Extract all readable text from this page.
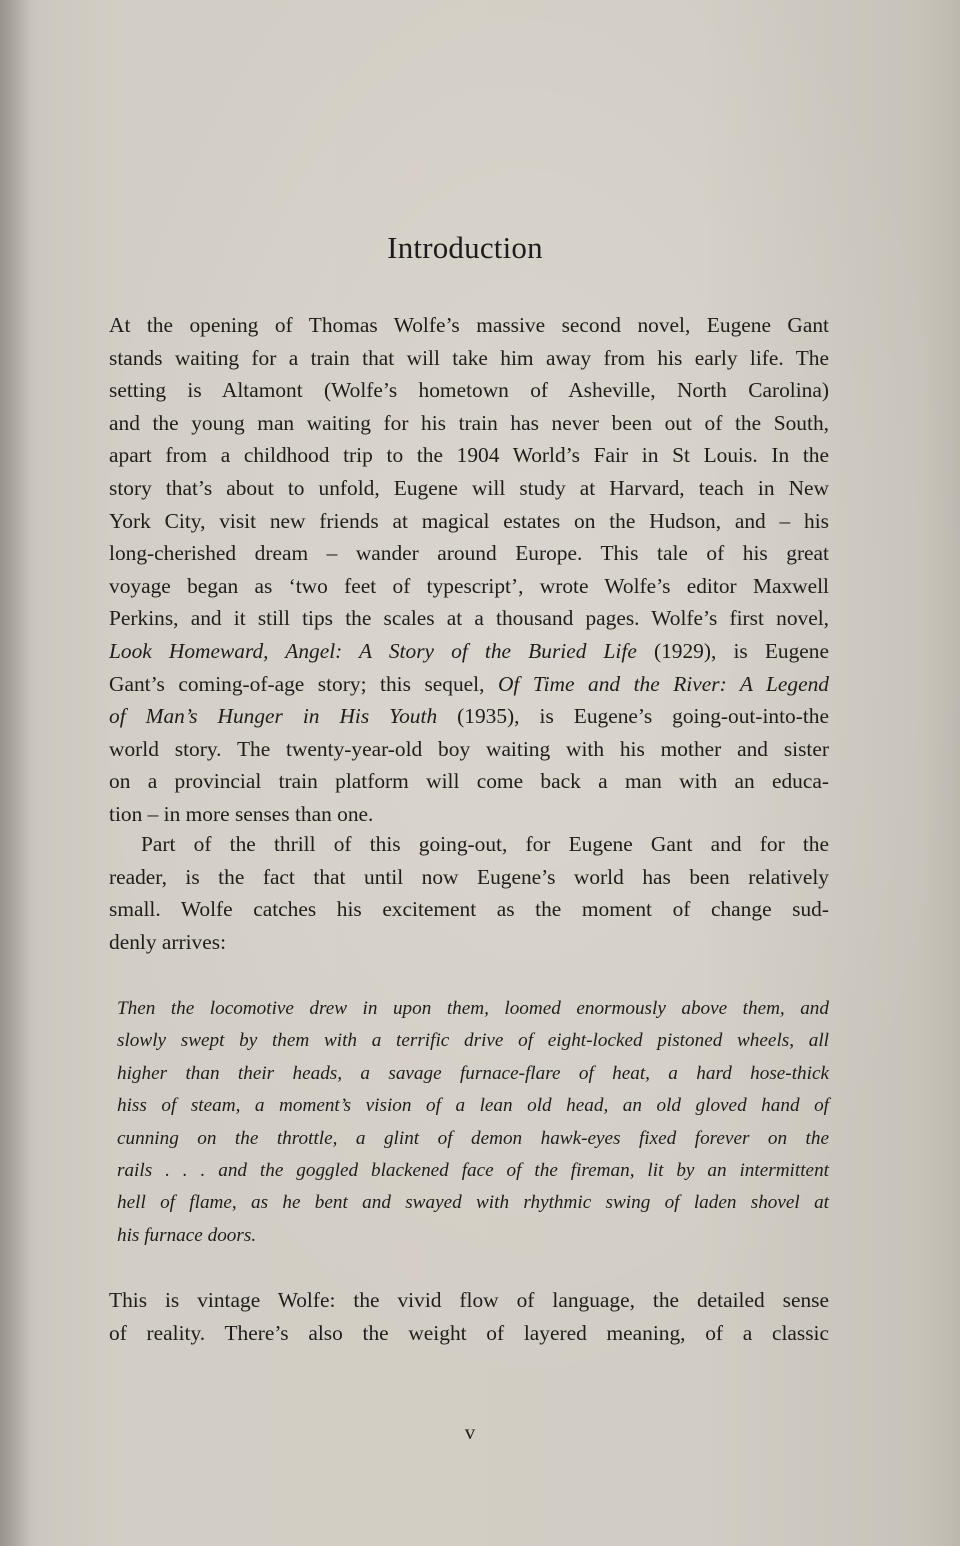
Introduction
At the opening of Thomas Wolfe’s massive second novel, Eugene Gant
stands waiting for a train that will take him away from his early life. The
setting is Altamont (Wolfe’s hometown of Asheville, North Carolina)
and the young man waiting for his train has never been out of the South,
apart from a childhood trip to the 1904 World’s Fair in St Louis. In the
story that’s about to unfold, Eugene will study at Harvard, teach in New
York City, visit new friends at magical estates on the Hudson, and – his
long-cherished dream – wander around Europe. This tale of his great
voyage began as ‘two feet of typescript’, wrote Wolfe’s editor Maxwell
Perkins, and it still tips the scales at a thousand pages. Wolfe’s first novel,
Look Homeward, Angel: A Story of the Buried Life (1929), is Eugene
Gant’s coming-of-age story; this sequel, Of Time and the River: A Legend
of Man’s Hunger in His Youth (1935), is Eugene’s going-out-into-the
world story. The twenty-year-old boy waiting with his mother and sister
on a provincial train platform will come back a man with an educa-
tion – in more senses than one.
Part of the thrill of this going-out, for Eugene Gant and for the
reader, is the fact that until now Eugene’s world has been relatively
small. Wolfe catches his excitement as the moment of change sud-
denly arrives:
Then the locomotive drew in upon them, loomed enormously above them, and
slowly swept by them with a terrific drive of eight-locked pistoned wheels, all
higher than their heads, a savage furnace-flare of heat, a hard hose-thick
hiss of steam, a moment’s vision of a lean old head, an old gloved hand of
cunning on the throttle, a glint of demon hawk-eyes fixed forever on the
rails . . . and the goggled blackened face of the fireman, lit by an intermittent
hell of flame, as he bent and swayed with rhythmic swing of laden shovel at
his furnace doors.
This is vintage Wolfe: the vivid flow of language, the detailed sense
of reality. There’s also the weight of layered meaning, of a classic
v
